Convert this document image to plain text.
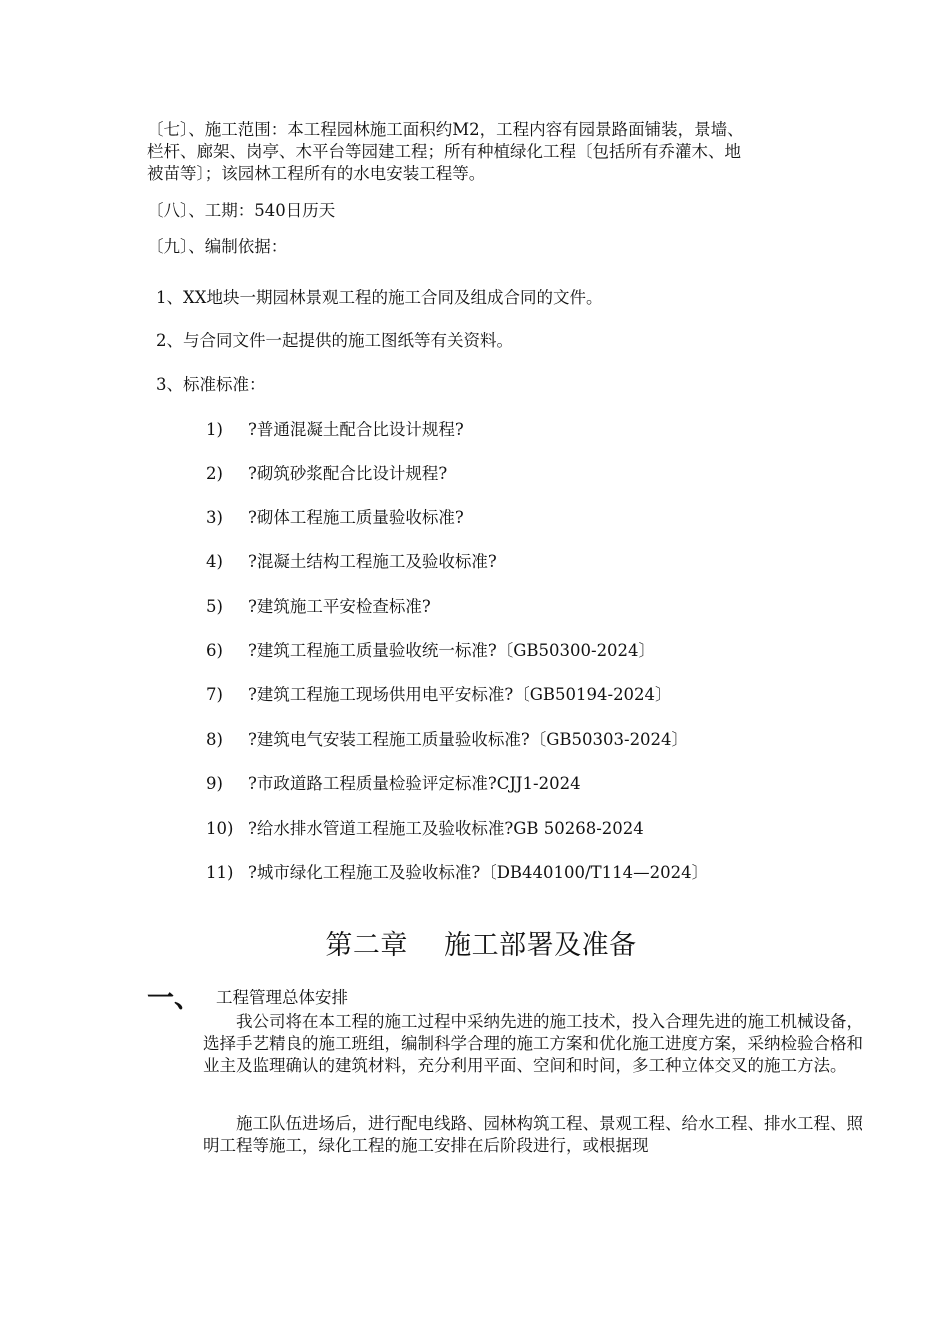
〔七〕、施工范围：本工程园林施工面积约M2，工程内容有园景路面铺装，景墙、
栏杆、廊架、岗亭、木平台等园建工程；所有种植绿化工程〔包括所有乔灌木、地
被苗等〕；该园林工程所有的水电安装工程等。

〔八〕、工期：540日历天

〔九〕、编制依据：

1、XX地块一期园林景观工程的施工合同及组成合同的文件。

2、与合同文件一起提供的施工图纸等有关资料。

3、标准标准：

1) ?普通混凝土配合比设计规程?
2) ?砌筑砂浆配合比设计规程?
3) ?砌体工程施工质量验收标准?
4) ?混凝土结构工程施工及验收标准?
5) ?建筑施工平安检查标准?
6) ?建筑工程施工质量验收统一标准?〔GB50300-2024〕
7) ?建筑工程施工现场供用电平安标准?〔GB50194-2024〕
8) ?建筑电气安装工程施工质量验收标准?〔GB50303-2024〕
9) ?市政道路工程质量检验评定标准?CJJ1-2024
10) ?给水排水管道工程施工及验收标准?GB 50268-2024
11) ?城市绿化工程施工及验收标准?〔DB440100/T114—2024〕
第二章    施工部署及准备
一、 工程管理总体安排

我公司将在本工程的施工过程中采纳先进的施工技术，投入合理先进的施工机械设备，选择手艺精良的施工班组，编制科学合理的施工方案和优化施工进度方案，采纳检验合格和业主及监理确认的建筑材料，充分利用平面、空间和时间，多工种立体交叉的施工方法。

施工队伍进场后，进行配电线路、园林构筑工程、景观工程、给水工程、排水工程、照明工程等施工，绿化工程的施工安排在后阶段进行，或根据现
